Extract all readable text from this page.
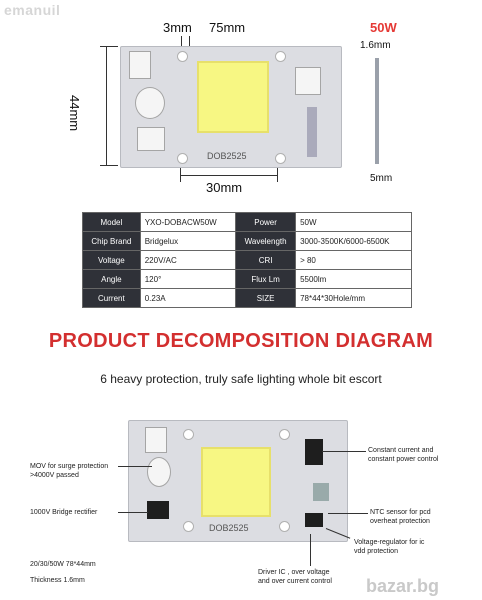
emanuil
3mm 75mm
44mm
30mm
50W
1.6mm
5mm
DOB2525
Model	YXO-DOBACW50W	Power	50W
Chip Brand	Bridgelux	Wavelength	3000-3500K/6000-6500K
Voltage	220V/AC	CRI	> 80
Angle	120°	Flux Lm	5500lm
Current	0.23A	SIZE	78*44*30Hole/mm
PRODUCT DECOMPOSITION DIAGRAM
6 heavy protection, truly safe lighting whole bit escort
DOB2525
MOV for surge protection
>4000V passed
1000V Bridge rectifier
Constant current and
constant power control
NTC sensor for pcd
overheat protection
Voltage-regulator for ic
vdd protection
20/30/50W 78*44mm
Thickness 1.6mm
Driver IC , over voltage
and over current control bazar.bg
